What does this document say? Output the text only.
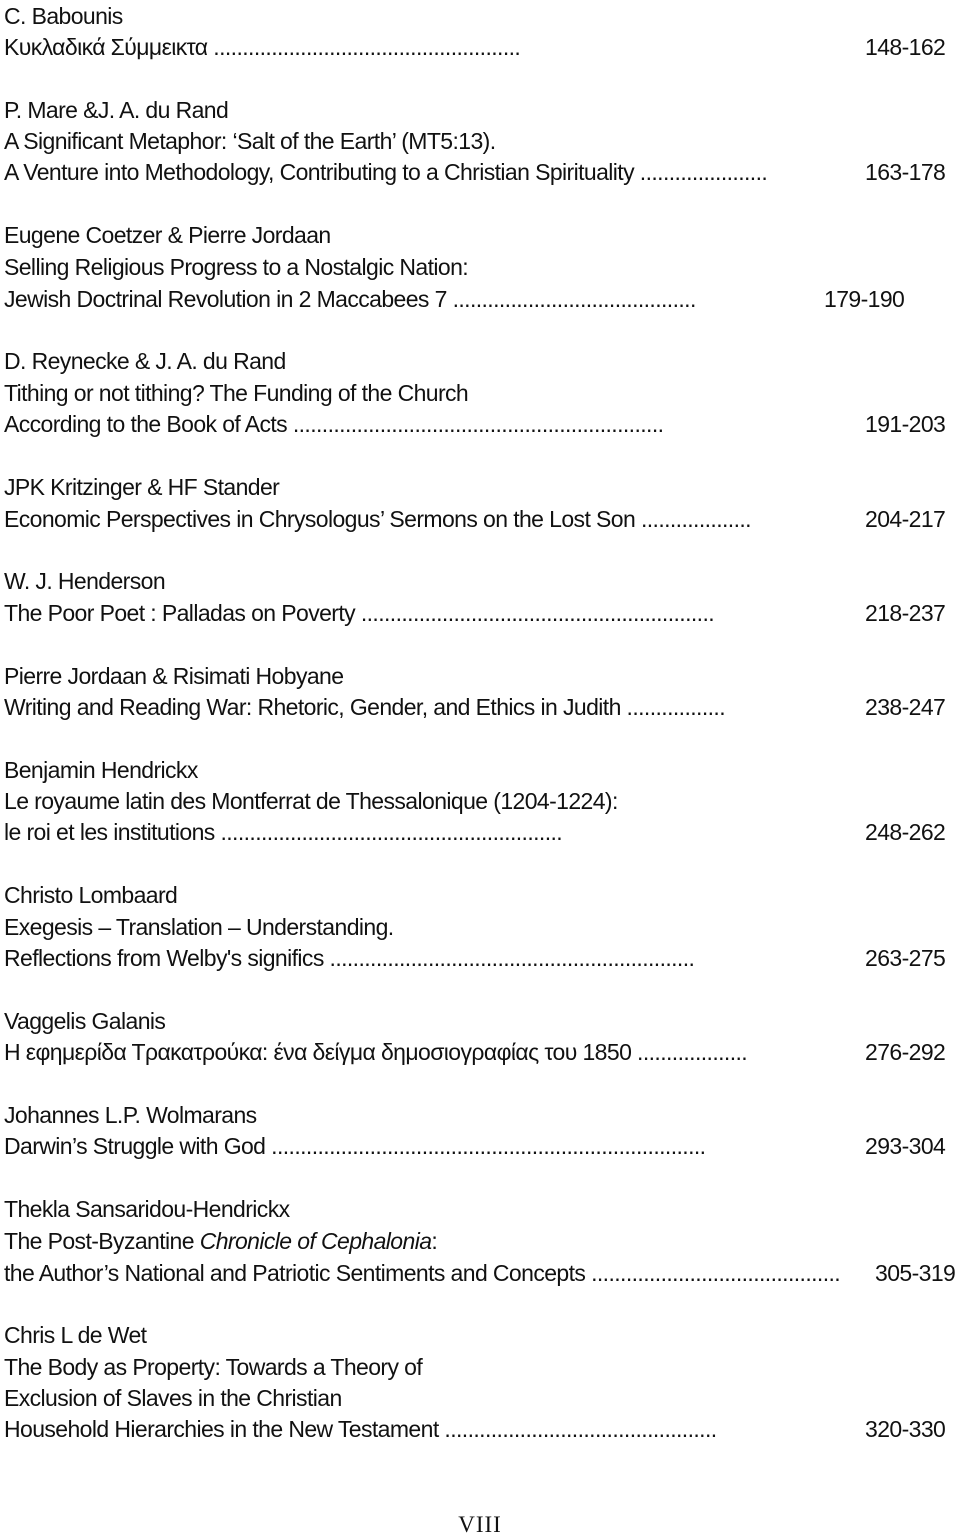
C. Babounis
Κυκλαδικά Σύμμεικτα .....................................................	148-162
P. Mare &J. A. du Rand
A Significant Metaphor: ‘Salt of the Earth’ (MT5:13).
A Venture into Methodology, Contributing to a Christian Spirituality ......................	163-178
Eugene Coetzer & Pierre Jordaan
Selling Religious Progress to a Nostalgic Nation:
Jewish Doctrinal Revolution in 2 Maccabees 7 ..........................................	179-190
D. Reynecke & J. A. du Rand
Tithing or not tithing? The Funding of the Church
According to the Book of Acts ................................................................	191-203
JPK Kritzinger & HF Stander
Economic Perspectives in Chrysologus’ Sermons on the Lost Son ...................	204-217
W. J. Henderson
The Poor Poet : Palladas on Poverty .............................................................	218-237
Pierre Jordaan & Risimati Hobyane
Writing and Reading War: Rhetoric, Gender, and Ethics in Judith .................	238-247
Benjamin Hendrickx
Le royaume latin des Montferrat de Thessalonique (1204-1224):
le roi et les institutions ...........................................................	248-262
Christo Lombaard
Exegesis – Translation – Understanding.
Reflections from Welby's significs ...............................................................	263-275
Vaggelis Galanis
Η εφημερίδα Τρακατρούκα: ένα δείγμα δημοσιογραφίας του 1850 ...................	276-292
Johannes L.P. Wolmarans
Darwin’s Struggle with God ...........................................................................	293-304
Thekla Sansaridou-Hendrickx
The Post-Byzantine Chronicle of Cephalonia:
the Author’s National and Patriotic Sentiments and Concepts ........................................... 305-319
Chris L de Wet
The Body as Property: Towards a Theory of
Exclusion of Slaves in the Christian
Household Hierarchies in the New Testament ...............................................	320-330
VIII
